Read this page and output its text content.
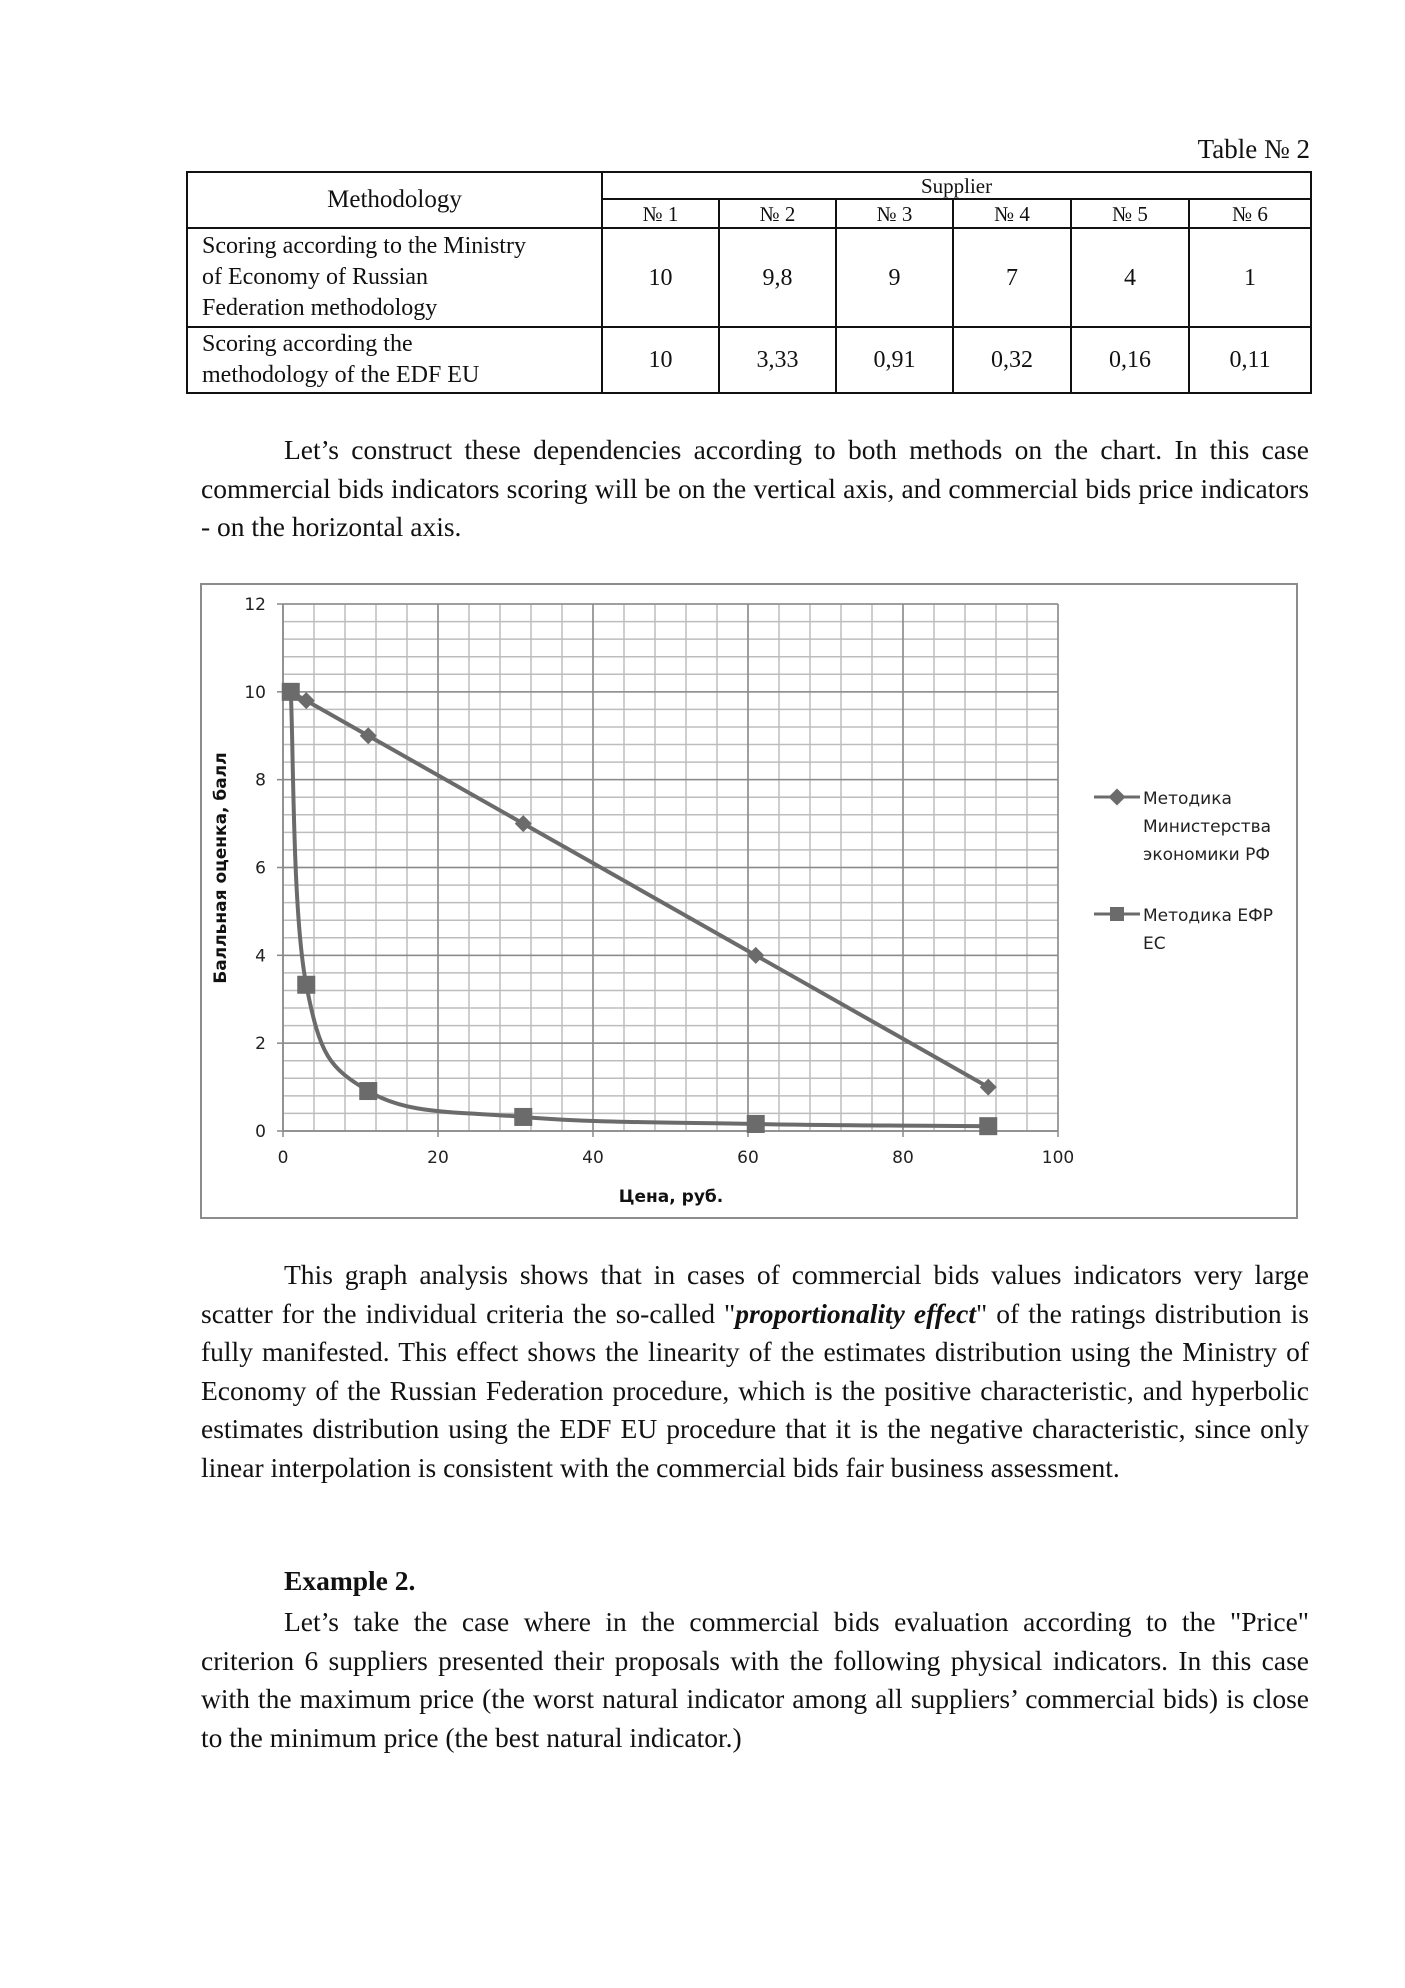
Table № 2
Methodology	Supplier					
	№ 1	№ 2	№ 3	№ 4	№ 5	№ 6

Scoring according to the Ministry
of Economy of Russian
Federation methodology	10	9,8	9	7	4	1

Scoring according the
methodology of the EDF EU	10	3,33	0,91	0,32	0,16	0,11
Let’s construct these dependencies according to both methods on the chart. In this case commercial bids indicators scoring will be on the vertical axis, and commercial bids price indicators - on the horizontal axis.
0
2
4
6
8
10
12
0	20	40	60	80	100
Цена, руб.
Балльная оценка, балл	Методика
Министерства
экономики РФ
Методика ЕФР
ЕС
This graph analysis shows that in cases of commercial bids values indicators very large scatter for the individual criteria the so-called "proportionality effect" of the ratings distribution is fully manifested. This effect shows the linearity of the estimates distribution using the Ministry of Economy of the Russian Federation procedure, which is the positive characteristic, and hyperbolic estimates distribution using the EDF EU procedure that it is the negative characteristic, since only linear interpolation is consistent with the commercial bids fair business assessment.
Example 2.
Let’s take the case where in the commercial bids evaluation according to the "Price" criterion 6 suppliers presented their proposals with the following physical indicators. In this case with the maximum price (the worst natural indicator among all suppliers’ commercial bids) is close to the minimum price (the best natural indicator.)
